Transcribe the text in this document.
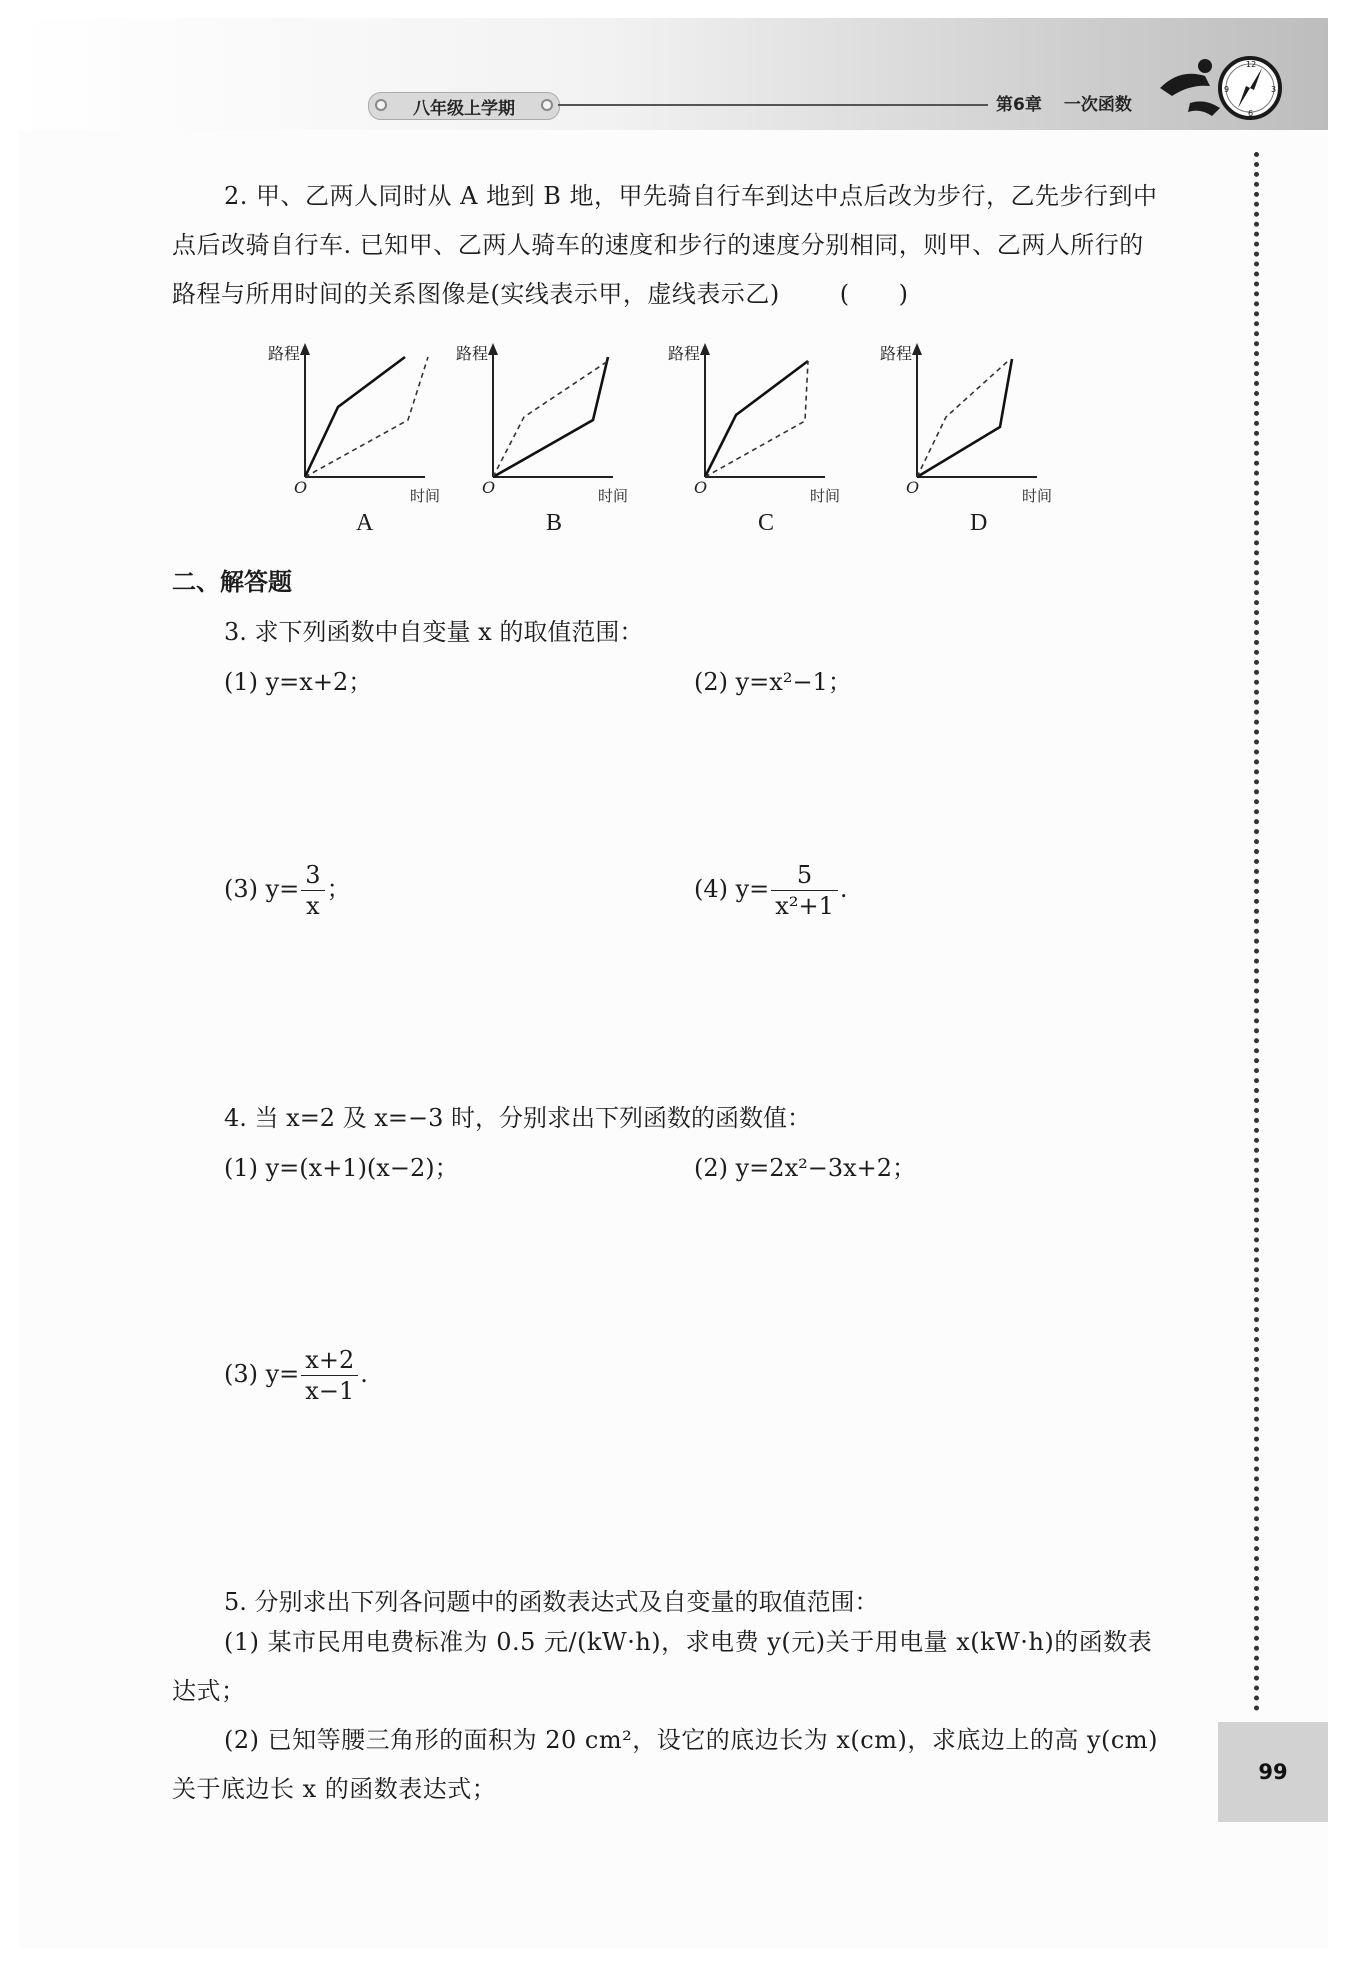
八年级上学期	第6章 一次函数
12
3
6
9
99
2. 甲、乙两人同时从 A 地到 B 地，甲先骑自行车到达中点后改为步行，乙先步行到中点后改骑自行车. 已知甲、乙两人骑车的速度和步行的速度分别相同，则甲、乙两人所行的路程与所用时间的关系图像是(实线表示甲，虚线表示乙)	(　　)
路程
O	时间
路程
O	时间
路程
O	时间
路程
O	时间
A	B	C	D
二、解答题
3. 求下列函数中自变量 x 的取值范围：
(1) y=x+2；	(2) y=x²−1；
(3) $y= \frac{3}{x}$ ；	(4) $y= \frac{5}{\text{x²+1}}$ .
4. 当 x=2 及 x=−3 时，分别求出下列函数的函数值：
(1) y=(x+1)(x−2)；	(2) y=2x²−3x+2；
(3) $y= \frac{x+2}{x-1}$ .
5. 分别求出下列各问题中的函数表达式及自变量的取值范围：
(1) 某市民用电费标准为 0.5 元/(kW·h)，求电费 y(元)关于用电量 x(kW·h)的函数表达式；
(2) 已知等腰三角形的面积为 20 cm²，设它的底边长为 x(cm)，求底边上的高 y(cm)关于底边长 x 的函数表达式；
